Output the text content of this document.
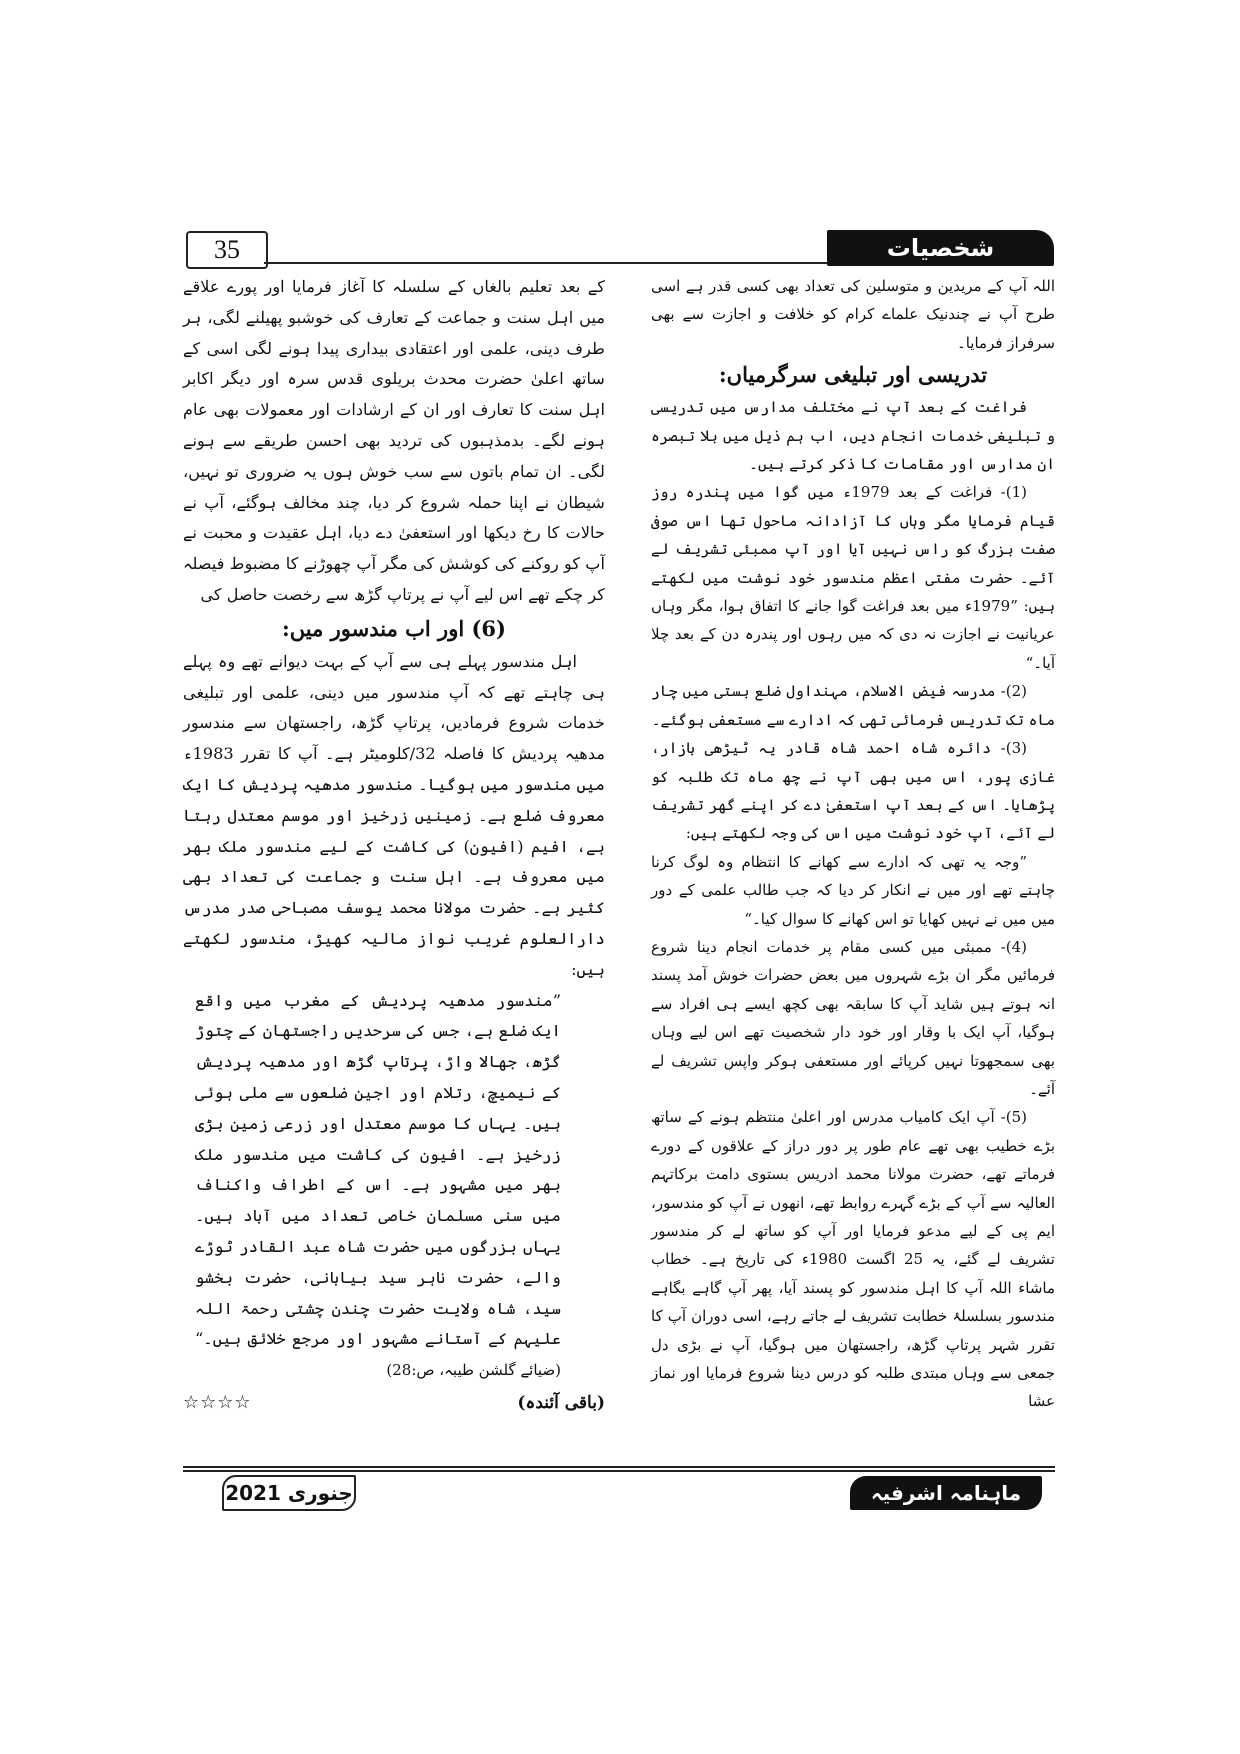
35	شخصیات

اللہ آپ کے مریدین و متوسلین کی تعداد بھی کسی قدر ہے اسی طرح آپ نے چندنیک علماے کرام کو خلافت و اجازت سے بھی سرفراز فرمایا۔

تدریسی اور تبلیغی سرگرمیاں:

فراغت کے بعد آپ نے مختلف مدارس میں تدریسی و تبلیغی خدمات انجام دیں، اب ہم ذیل میں بلا تبصرہ ان مدارس اور مقامات کا ذکر کرتے ہیں۔

(1)- فراغت کے بعد 1979ء میں گوا میں پندرہ روز قیام فرمایا مگر وہاں کا آزادانہ ماحول تھا اس صوفی صفت بزرگ کو راس نہیں آیا اور آپ ممبئی تشریف لے آئے۔ حضرت مفتی اعظم مندسور خود نوشت میں لکھتے ہیں: ”1979ء میں بعد فراغت گوا جانے کا اتفاق ہوا، مگر وہاں عریانیت نے اجازت نہ دی کہ میں رہوں اور پندرہ دن کے بعد چلا آیا۔“

(2)- مدرسہ فیض الاسلام، مہنداول ضلع بستی میں چار ماہ تک تدریس فرمائی تھی کہ ادارے سے مستعفی ہوگئے۔

(3)- دائرہ شاہ احمد شاہ قادر یہ ٹیڑھی بازار، غازی پور، اس میں بھی آپ نے چھ ماہ تک طلبہ کو پڑھایا۔ اس کے بعد آپ استعفیٰ دے کر اپنے گھر تشریف لے آئے، آپ خود نوشت میں اس کی وجہ لکھتے ہیں:

”وجہ یہ تھی کہ ادارے سے کھانے کا انتظام وہ لوگ کرنا چاہتے تھے اور میں نے انکار کر دیا کہ جب طالب علمی کے دور میں میں نے نہیں کھایا تو اس کھانے کا سوال کیا۔“

(4)- ممبئی میں کسی مقام پر خدمات انجام دینا شروع فرمائیں مگر ان بڑے شہروں میں بعض حضرات خوش آمد پسند انہ ہوتے ہیں شاید آپ کا سابقہ بھی کچھ ایسے ہی افراد سے ہوگیا، آپ ایک با وقار اور خود دار شخصیت تھے اس لیے وہاں بھی سمجھوتا نہیں کرپائے اور مستعفی ہوکر واپس تشریف لے آئے۔

(5)- آپ ایک کامیاب مدرس اور اعلیٰ منتظم ہونے کے ساتھ بڑے خطیب بھی تھے عام طور پر دور دراز کے علاقوں کے دورے فرماتے تھے، حضرت مولانا محمد ادریس بستوی دامت برکاتہم العالیہ سے آپ کے بڑے گہرے روابط تھے، انھوں نے آپ کو مندسور، ایم پی کے لیے مدعو فرمایا اور آپ کو ساتھ لے کر مندسور تشریف لے گئے، یہ 25 اگست 1980ء کی تاریخ ہے۔ خطاب ماشاء اللہ آپ کا اہل مندسور کو پسند آیا، پھر آپ گاہے بگاہے مندسور بسلسلۂ خطابت تشریف لے جاتے رہے، اسی دوران آپ کا تقرر شہر پرتاپ گڑھ، راجستھان میں ہوگیا، آپ نے بڑی دل جمعی سے وہاں مبتدی طلبہ کو درس دینا شروع فرمایا اور نماز عشا

کے بعد تعلیم بالغاں کے سلسلہ کا آغاز فرمایا اور پورے علاقے میں اہل سنت و جماعت کے تعارف کی خوشبو پھیلنے لگی، ہر طرف دینی، علمی اور اعتقادی بیداری پیدا ہونے لگی اسی کے ساتھ اعلیٰ حضرت محدث بریلوی قدس سرہ اور دیگر اکابر اہل سنت کا تعارف اور ان کے ارشادات اور معمولات بھی عام ہونے لگے۔ بدمذہبوں کی تردید بھی احسن طریقے سے ہونے لگی۔ ان تمام باتوں سے سب خوش ہوں یہ ضروری تو نہیں، شیطان نے اپنا حملہ شروع کر دیا، چند مخالف ہوگئے، آپ نے حالات کا رخ دیکھا اور استعفیٰ دے دیا، اہل عقیدت و محبت نے آپ کو روکنے کی کوشش کی مگر آپ چھوڑنے کا مضبوط فیصلہ کر چکے تھے اس لیے آپ نے پرتاپ گڑھ سے رخصت حاصل کی

(6) اور اب مندسور میں:

اہل مندسور پہلے ہی سے آپ کے بہت دیوانے تھے وہ پہلے ہی چاہتے تھے کہ آپ مندسور میں دینی، علمی اور تبلیغی خدمات شروع فرمادیں، پرتاپ گڑھ، راجستھان سے مندسور مدھیہ پردیش کا فاصلہ 32/کلومیٹر ہے۔ آپ کا تقرر 1983ء میں مندسور میں ہوگیا۔ مندسور مدھیہ پردیش کا ایک معروف ضلع ہے۔ زمینیں زرخیز اور موسم معتدل رہتا ہے، افیم (افیون) کی کاشت کے لیے مندسور ملک بھر میں معروف ہے۔ اہل سنت و جماعت کی تعداد بھی کثیر ہے۔ حضرت مولانا محمد یوسف مصباحی صدر مدرس دارالعلوم غریب نواز مالیہ کھیڑ، مندسور لکھتے ہیں:

”مندسور مدھیہ پردیش کے مغرب میں واقع ایک ضلع ہے، جس کی سرحدیں راجستھان کے چتوڑ گڑھ، جھالا واڑ، پرتاپ گڑھ اور مدھیہ پردیش کے نیمیچ، رتلام اور اجین ضلعوں سے ملی ہوئی ہیں۔ یہاں کا موسم معتدل اور زرعی زمین بڑی زرخیز ہے۔ افیون کی کاشت میں مندسور ملک بھر میں مشہور ہے۔ اس کے اطراف واکناف میں سنی مسلمان خاصی تعداد میں آباد ہیں۔ یہاں بزرگوں میں حضرت شاہ عبد القادر ٹوڑے والے، حضرت ناہر سید بیابانی، حضرت بخشو سید، شاہ ولایت حضرت چندن چشتی رحمۃ اللہ علیہم کے آستانے مشہور اور مرجع خلائق ہیں۔“ (ضیائے گلشن طیبہ، ص:28)

(باقی آئندہ)
☆☆☆☆
جنوری 2021	ماہنامہ اشرفیہ
